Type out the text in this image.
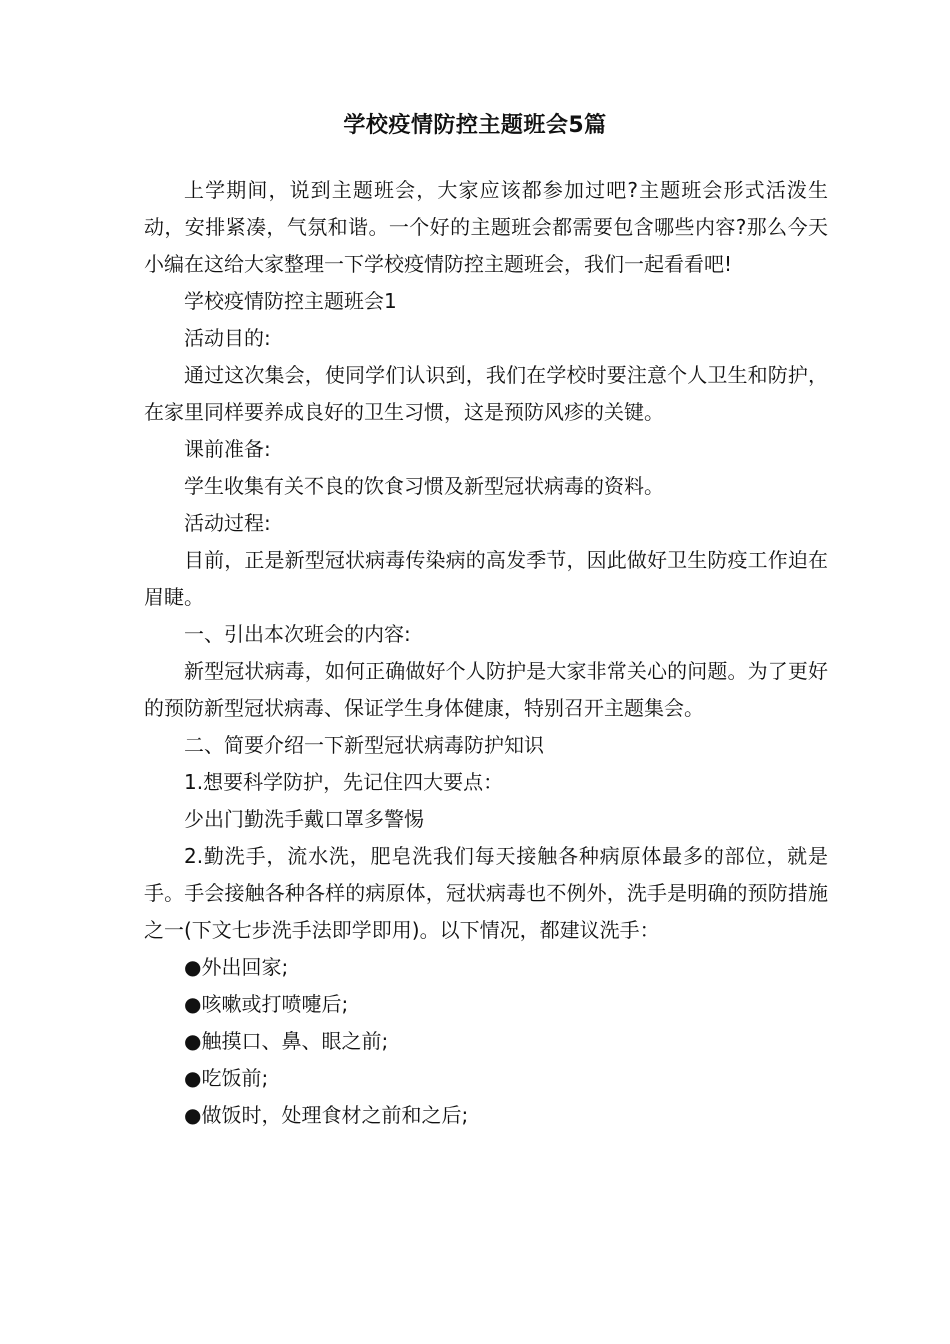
学校疫情防控主题班会5篇

上学期间，说到主题班会，大家应该都参加过吧?主题班会形式活泼生动，安排紧凑，气氛和谐。一个好的主题班会都需要包含哪些内容?那么今天小编在这给大家整理一下学校疫情防控主题班会，我们一起看看吧!

学校疫情防控主题班会1

活动目的:

通过这次集会，使同学们认识到，我们在学校时要注意个人卫生和防护，在家里同样要养成良好的卫生习惯，这是预防风疹的关键。

课前准备:

学生收集有关不良的饮食习惯及新型冠状病毒的资料。

活动过程:

目前，正是新型冠状病毒传染病的高发季节，因此做好卫生防疫工作迫在眉睫。

一、引出本次班会的内容:

新型冠状病毒，如何正确做好个人防护是大家非常关心的问题。为了更好的预防新型冠状病毒、保证学生身体健康，特别召开主题集会。

二、简要介绍一下新型冠状病毒防护知识

1.想要科学防护，先记住四大要点：

少出门勤洗手戴口罩多警惕

2.勤洗手，流水洗，肥皂洗我们每天接触各种病原体最多的部位，就是手。手会接触各种各样的病原体，冠状病毒也不例外，洗手是明确的预防措施之一(下文七步洗手法即学即用)。以下情况，都建议洗手：

●外出回家;

●咳嗽或打喷嚏后;

●触摸口、鼻、眼之前;

●吃饭前;

●做饭时，处理食材之前和之后;
